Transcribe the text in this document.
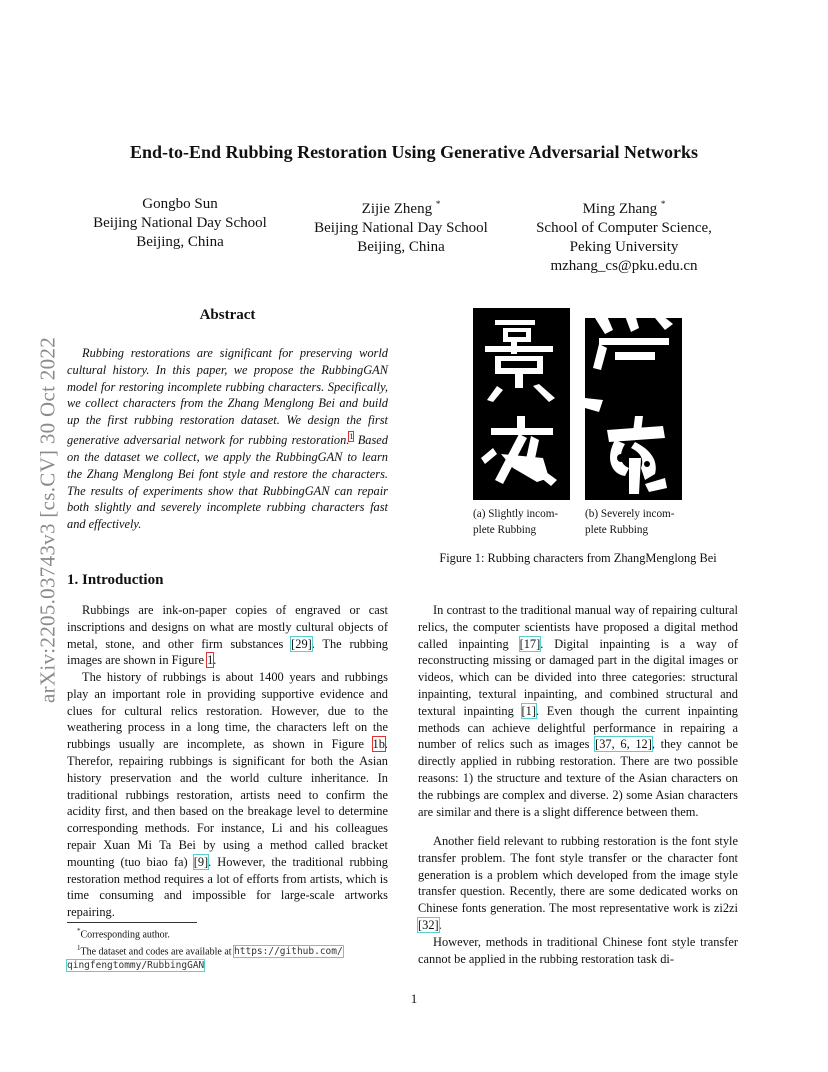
arXiv:2205.03743v3 [cs.CV] 30 Oct 2022
End-to-End Rubbing Restoration Using Generative Adversarial Networks
Gongbo Sun
Beijing National Day School
Beijing, China
Zijie Zheng *
Beijing National Day School
Beijing, China
Ming Zhang *
School of Computer Science,
Peking University
mzhang_cs@pku.edu.cn
Abstract

Rubbing restorations are significant for preserving world cultural history. In this paper, we propose the RubbingGAN model for restoring incomplete rubbing characters. Specifically, we collect characters from the Zhang Menglong Bei and build up the first rubbing restoration dataset. We design the first generative adversarial network for rubbing restoration.$^1$ Based on the dataset we collect, we apply the RubbingGAN to learn the Zhang Menglong Bei font style and restore the characters. The results of experiments show that RubbingGAN can repair both slightly and severely incomplete rubbing characters fast and effectively.

1. Introduction

Rubbings are ink-on-paper copies of engraved or cast inscriptions and designs on what are mostly cultural objects of metal, stone, and other firm substances [29]. The rubbing images are shown in Figure 1.

The history of rubbings is about 1400 years and rubbings play an important role in providing supportive evidence and clues for cultural relics restoration. However, due to the weathering process in a long time, the characters left on the rubbings usually are incomplete, as shown in Figure 1b. Therefor, repairing rubbings is significant for both the Asian history preservation and the world culture inheritance. In traditional rubbings restoration, artists need to confirm the acidity first, and then based on the breakage level to determine corresponding methods. For instance, Li and his colleagues repair Xuan Mi Ta Bei by using a method called bracket mounting (tuo biao fa) [9]. However, the traditional rubbing restoration method requires a lot of efforts from artists, which is time consuming and impossible for large-scale artworks repairing.

(a) Slightly incom-
plete Rubbing
(b) Severely incom-
plete Rubbing
Figure 1: Rubbing characters from ZhangMenglong Bei

In contrast to the traditional manual way of repairing cultural relics, the computer scientists have proposed a digital method called inpainting [17]. Digital inpainting is a way of reconstructing missing or damaged part in the digital images or videos, which can be divided into three categories: structural inpainting, textural inpainting, and combined structural and textural inpainting [1]. Even though the current inpainting methods can achieve delightful performance in repairing a number of relics such as images [37, 6, 12], they cannot be directly applied in rubbing restoration. There are two possible reasons: 1) the structure and texture of the Asian characters on the rubbings are complex and diverse. 2) some Asian characters are similar and there is a slight difference between them.

Another field relevant to rubbing restoration is the font style transfer problem. The font style transfer or the character font generation is a problem which developed from the image style transfer question. Recently, there are some dedicated works on Chinese fonts generation. The most representative work is zi2zi [32].

However, methods in traditional Chinese font style transfer cannot be applied in the rubbing restoration task di-

*Corresponding author.
$^1$The dataset and codes are available at https://github.com/
qingfengtommy/RubbingGAN
1
